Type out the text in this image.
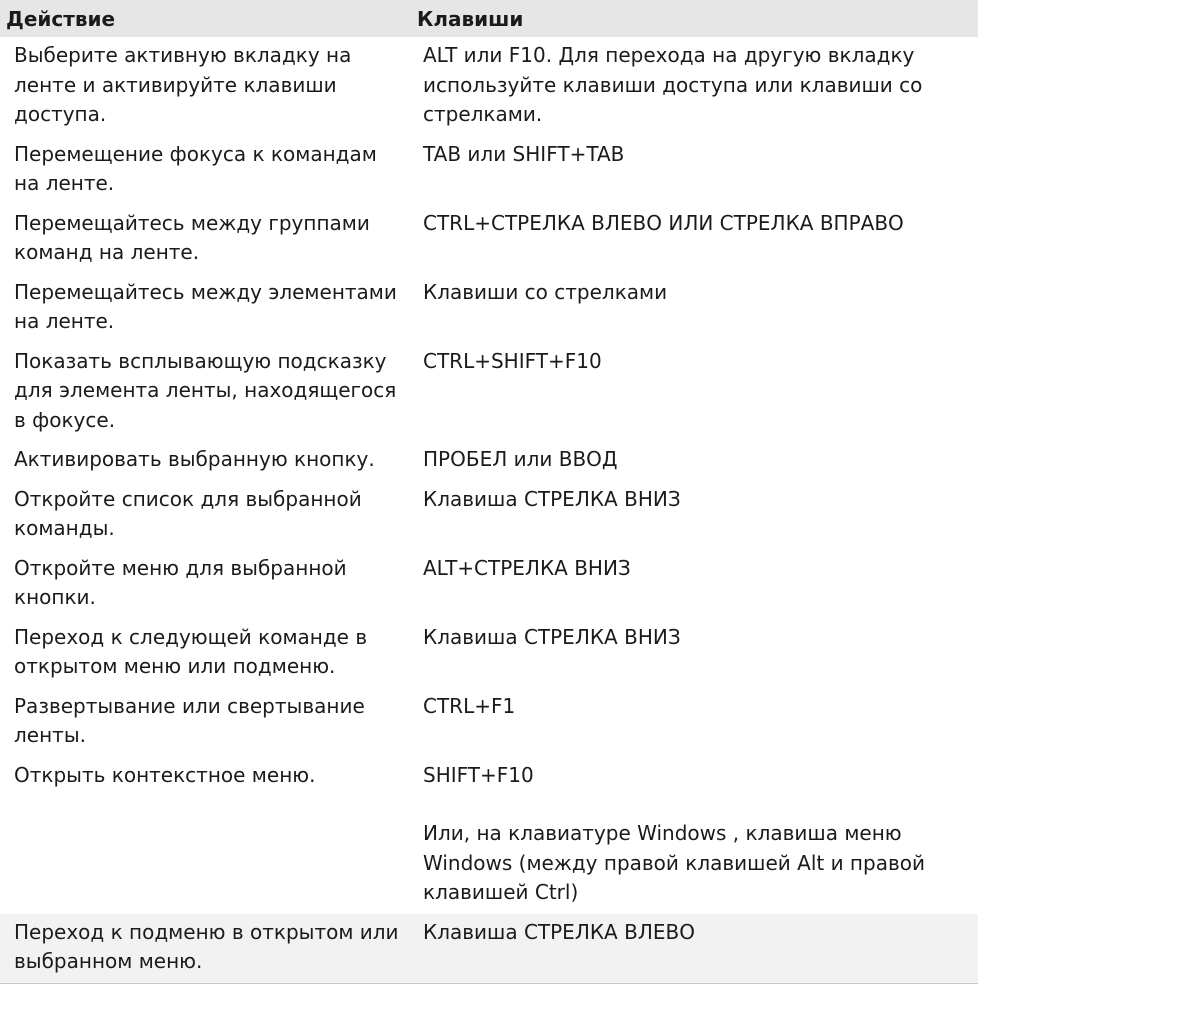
Действие	Клавиши
Выберите активную вкладку на ленте и активируйте клавиши доступа.	ALT или F10. Для перехода на другую вкладку используйте клавиши доступа или клавиши со стрелками.
Перемещение фокуса к командам на ленте.	TAB или SHIFT+TAB
Перемещайтесь между группами команд на ленте.	CTRL+СТРЕЛКА ВЛЕВО ИЛИ СТРЕЛКА ВПРАВО
Перемещайтесь между элементами на ленте.	Клавиши со стрелками
Показать всплывающую подсказку для элемента ленты, находящегося в фокусе.	CTRL+SHIFT+F10
Активировать выбранную кнопку.	ПРОБЕЛ или ВВОД
Откройте список для выбранной команды.	Клавиша СТРЕЛКА ВНИЗ
Откройте меню для выбранной кнопки.	ALT+СТРЕЛКА ВНИЗ
Переход к следующей команде в открытом меню или подменю.	Клавиша СТРЕЛКА ВНИЗ
Развертывание или свертывание ленты.	CTRL+F1
Открыть контекстное меню.	SHIFT+F10
Или, на клавиатуре Windows , клавиша меню Windows (между правой клавишей Alt и правой клавишей Ctrl)

Переход к подменю в открытом или выбранном меню.	Клавиша СТРЕЛКА ВЛЕВО
